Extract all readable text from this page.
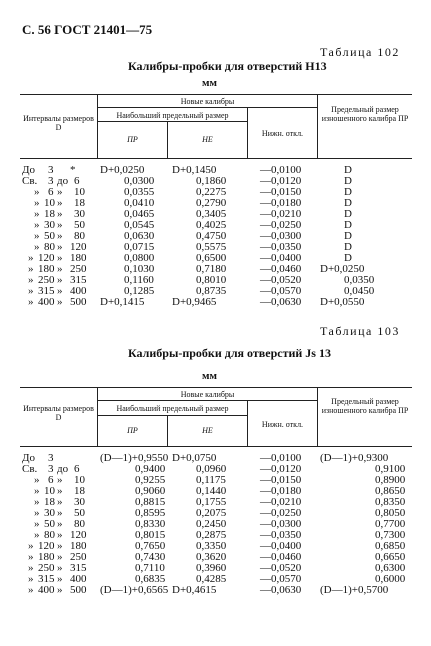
С. 56 ГОСТ 21401—75
Таблица 102
Калибры-пробки для отверстий Н13
мм
Интервалы размеров D
Новые калибры
Наибольший предельный размер
ПР	НЕ
Нижн. откл.
Предельный размер изношенного калибра ПР
До 3 * D+0,0250	D+0,1450	—0,0100	D
Св. 3 до 6	0,0300	0,1860	—0,0120	D
» 6 » 10	0,0355	0,2275	—0,0150	D
» 10 » 18	0,0410	0,2790	—0,0180	D
» 18 » 30	0,0465	0,3405	—0,0210	D
» 30 » 50	0,0545	0,4025	—0,0250	D
» 50 » 80	0,0630	0,4750	—0,0300	D
» 80 » 120	0,0715	0,5575	—0,0350	D
» 120 » 180	0,0800	0,6500	—0,0400	D
» 180 » 250	0,1030	0,7180	—0,0460 D+0,0250
» 250 » 315	0,1160	0,8010	—0,0520	0,0350
» 315 » 400	0,1285	0,8735	—0,0570	0,0450
» 400 » 500 D+0,1415	D+0,9465	—0,0630 D+0,0550
Таблица 103
Калибры-пробки для отверстий Js 13
мм
Интервалы размеров D
Новые калибры
Наибольший предельный размер
ПР	НЕ
Нижн. откл.
Предельный размер изношенного калибра ПР
До 3	(D—1)+0,9550 D+0,0750	—0,0100 (D—1)+0,9300
Св. 3 до 6	0,9400	0,0960	—0,0120	0,9100
» 6 » 10	0,9255	0,1175	—0,0150	0,8900
» 10 » 18	0,9060	0,1440	—0,0180	0,8650
» 18 » 30	0,8815	0,1755	—0,0210	0,8350
» 30 » 50	0,8595	0,2075	—0,0250	0,8050
» 50 » 80	0,8330	0,2450	—0,0300	0,7700
» 80 » 120	0,8015	0,2875	—0,0350	0,7300
» 120 » 180	0,7650	0,3350	—0,0400	0,6850
» 180 » 250	0,7430	0,3620	—0,0460	0,6650
» 250 » 315	0,7110	0,3960	—0,0520	0,6300
» 315 » 400	0,6835	0,4285	—0,0570	0,6000
» 400 » 500 (D—1)+0,6565 D+0,4615	—0,0630 (D—1)+0,5700
